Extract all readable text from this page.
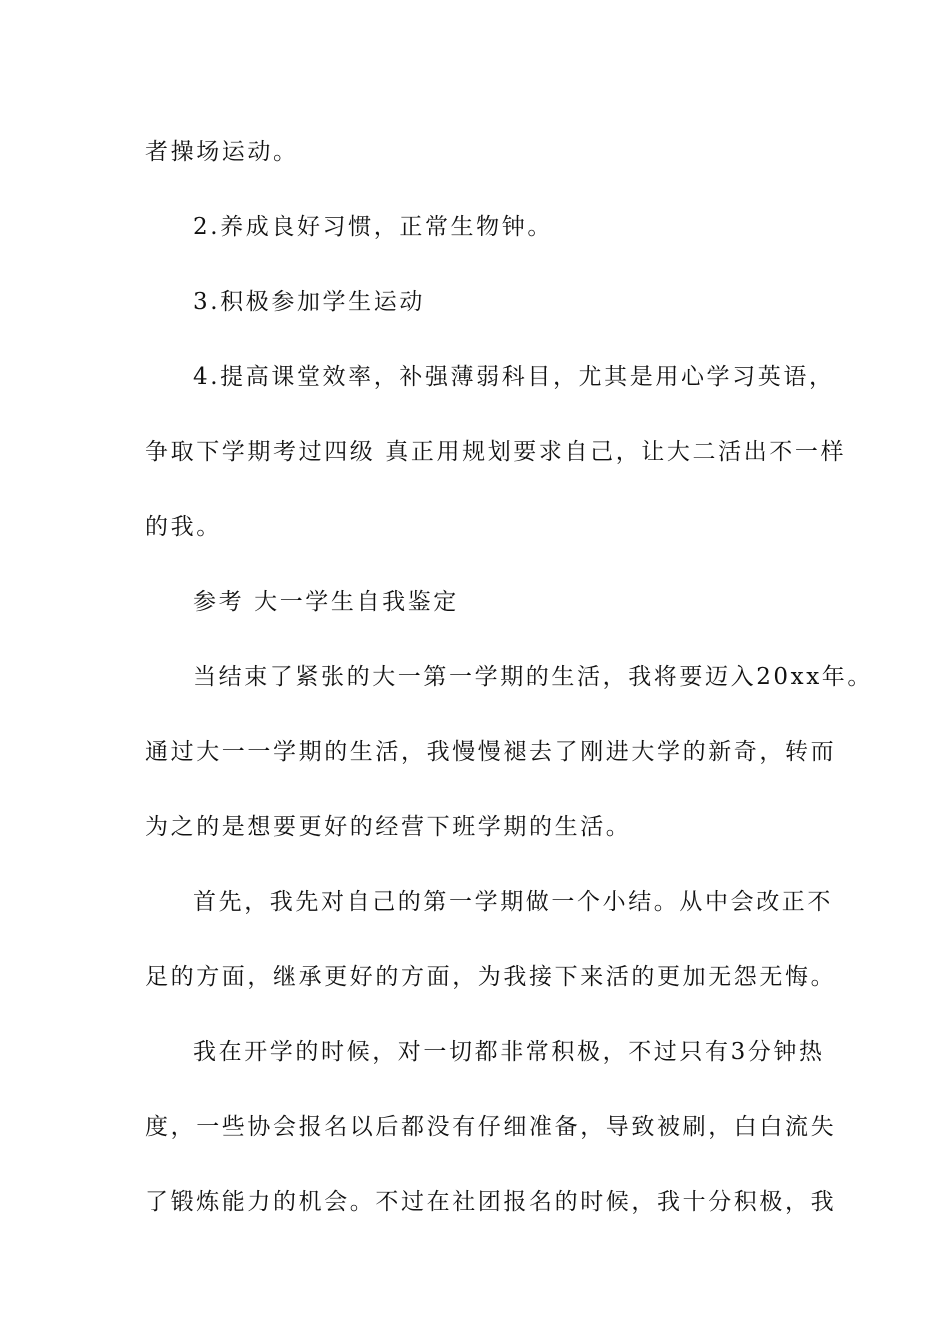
者操场运动。
2.养成良好习惯，正常生物钟。
3.积极参加学生运动
4.提高课堂效率，补强薄弱科目，尤其是用心学习英语，
争取下学期考过四级 真正用规划要求自己，让大二活出不一样
的我。
参考 大一学生自我鉴定
当结束了紧张的大一第一学期的生活，我将要迈入20xx年。
通过大一一学期的生活，我慢慢褪去了刚进大学的新奇，转而
为之的是想要更好的经营下班学期的生活。
首先，我先对自己的第一学期做一个小结。从中会改正不
足的方面，继承更好的方面，为我接下来活的更加无怨无悔。
我在开学的时候，对一切都非常积极，不过只有3分钟热
度，一些协会报名以后都没有仔细准备，导致被刷，白白流失
了锻炼能力的机会。不过在社团报名的时候，我十分积极，我
